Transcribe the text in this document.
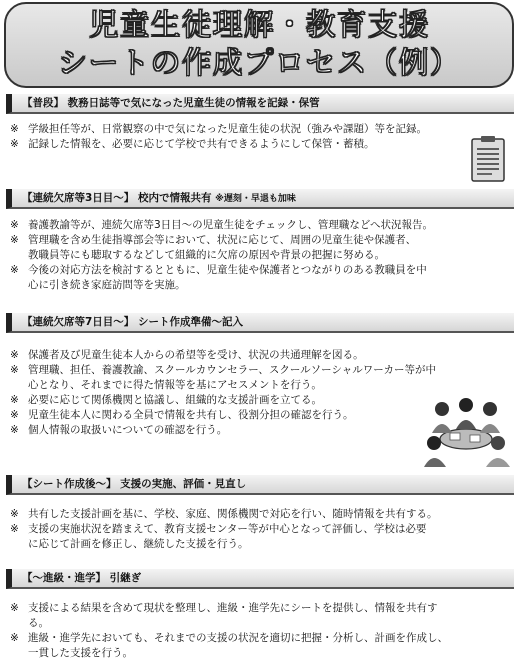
児童生徒理解・教育支援
シートの作成プロセス（例）
【普段】 教務日誌等で気になった児童生徒の情報を記録・保管
※ 学級担任等が、日常観察の中で気になった児童生徒の状況（強みや課題）等を記録。
※ 記録した情報を、必要に応じて学校で共有できるようにして保管・蓄積。
【連続欠席等3日目～】 校内で情報共有 ※遅刻・早退も加味
※ 養護教諭等が、連続欠席等3日目～の児童生徒をチェックし、管理職などへ状況報告。
※ 管理職を含め生徒指導部会等において、状況に応じて、周囲の児童生徒や保護者、
教職員等にも聴取するなどして組織的に欠席の原因や背景の把握に努める。
※ 今後の対応方法を検討するとともに、児童生徒や保護者とつながりのある教職員を中
心に引き続き家庭訪問等を実施。
【連続欠席等7日目～】 シート作成準備～記入
※ 保護者及び児童生徒本人からの希望等を受け、状況の共通理解を図る。
※ 管理職、担任、養護教諭、スクールカウンセラー、スクールソーシャルワーカー等が中
心となり、それまでに得た情報等を基にアセスメントを行う。
※ 必要に応じて関係機関と協議し、組織的な支援計画を立てる。
※ 児童生徒本人に関わる全員で情報を共有し、役割分担の確認を行う。
※ 個人情報の取扱いについての確認を行う。
【シート作成後～】 支援の実施、評価・見直し
※ 共有した支援計画を基に、学校、家庭、関係機関で対応を行い、随時情報を共有する。
※ 支援の実施状況を踏まえて、教育支援センター等が中心となって評価し、学校は必要
に応じて計画を修正し、継続した支援を行う。
【～進級・進学】 引継ぎ
※ 支援による結果を含めて現状を整理し、進級・進学先にシートを提供し、情報を共有す
る。
※ 進級・進学先においても、それまでの支援の状況を適切に把握・分析し、計画を作成し、
一貫した支援を行う。
